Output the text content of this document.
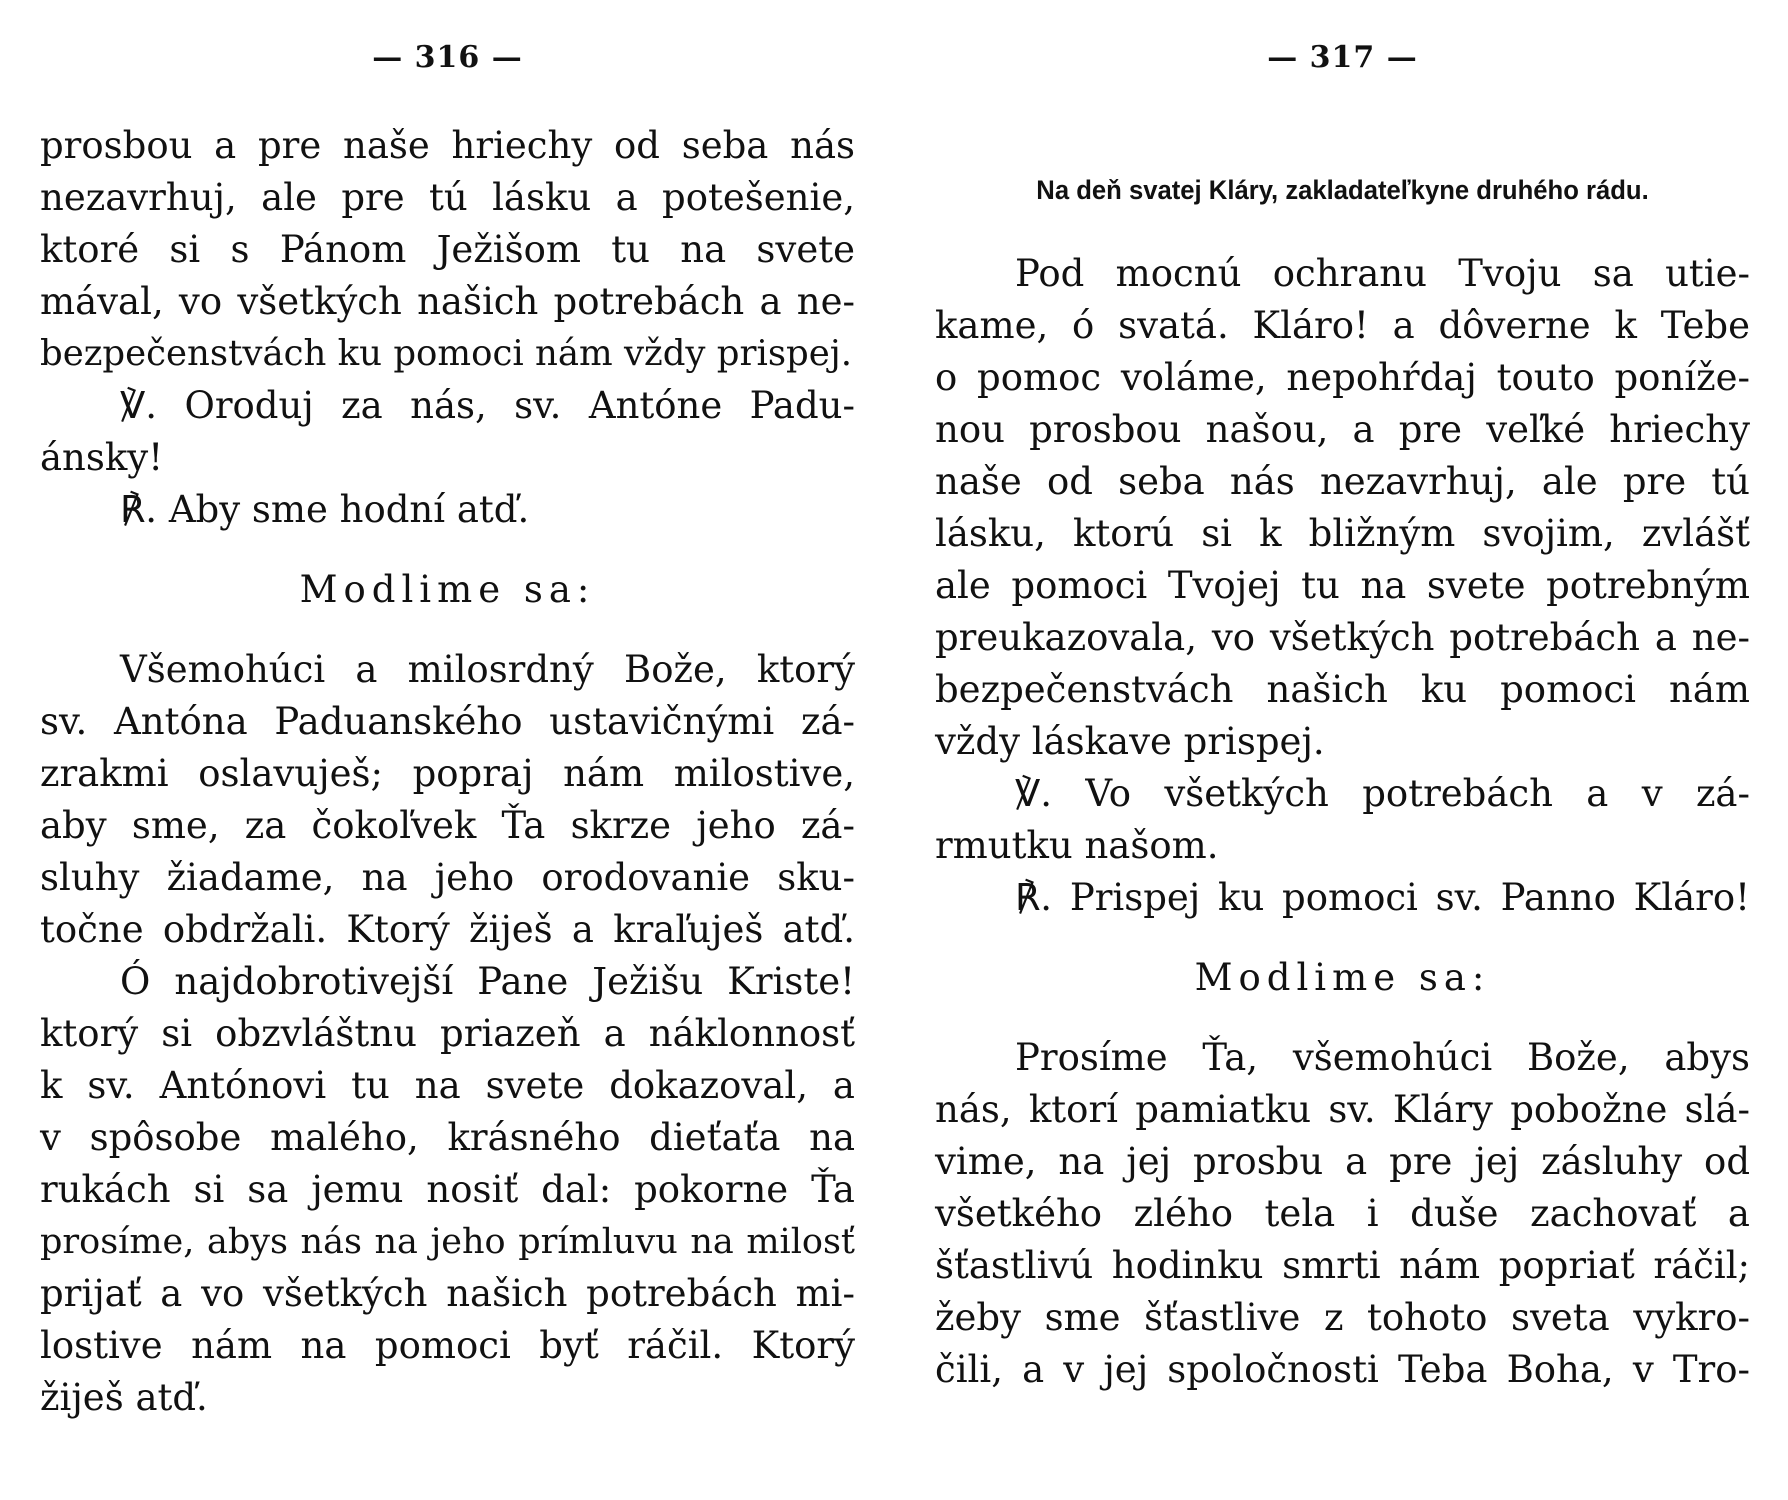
— 316 —
prosbou a pre naše hriechy od seba nás
nezavrhuj, ale pre tú lásku a potešenie,
ktoré si s Pánom Ježišom tu na svete
mával, vo všetkých našich potrebách a ne-
bezpečenstvách ku pomoci nám vždy prispej.
℣. Oroduj za nás, sv. Antóne Padu-
ánsky!
℟. Aby sme hodní atď.
Modlime sa:
Všemohúci a milosrdný Bože, ktorý
sv. Antóna Paduanského ustavičnými zá-
zrakmi oslavuješ; popraj nám milostive,
aby sme, za čokoľvek Ťa skrze jeho zá-
sluhy žiadame, na jeho orodovanie sku-
točne obdržali. Ktorý žiješ a kraľuješ atď.
Ó najdobrotivejší Pane Ježišu Kriste!
ktorý si obzvláštnu priazeň a náklonnosť
k sv. Antónovi tu na svete dokazoval, a
v spôsobe malého, krásného dieťaťa na
rukách si sa jemu nosiť dal: pokorne Ťa
prosíme, abys nás na jeho prímluvu na milosť
prijať a vo všetkých našich potrebách mi-
lostive nám na pomoci byť ráčil. Ktorý
žiješ atď.
— 317 —
Na deň svatej Kláry, zakladateľkyne druhého rádu.
Pod mocnú ochranu Tvoju sa utie-
kame, ó svatá. Kláro! a dôverne k Tebe
o pomoc voláme, nepohŕdaj touto poníže-
nou prosbou našou, a pre veľké hriechy
naše od seba nás nezavrhuj, ale pre tú
lásku, ktorú si k bližným svojim, zvlášť
ale pomoci Tvojej tu na svete potrebným
preukazovala, vo všetkých potrebách a ne-
bezpečenstvách našich ku pomoci nám
vždy láskave prispej.
℣. Vo všetkých potrebách a v zá-
rmutku našom.
℟. Prispej ku pomoci sv. Panno Kláro!
Modlime sa:
Prosíme Ťa, všemohúci Bože, abys
nás, ktorí pamiatku sv. Kláry pobožne slá-
vime, na jej prosbu a pre jej zásluhy od
všetkého zlého tela i duše zachovať a
šťastlivú hodinku smrti nám popriať ráčil;
žeby sme šťastlive z tohoto sveta vykro-
čili, a v jej spoločnosti Teba Boha, v Tro-
